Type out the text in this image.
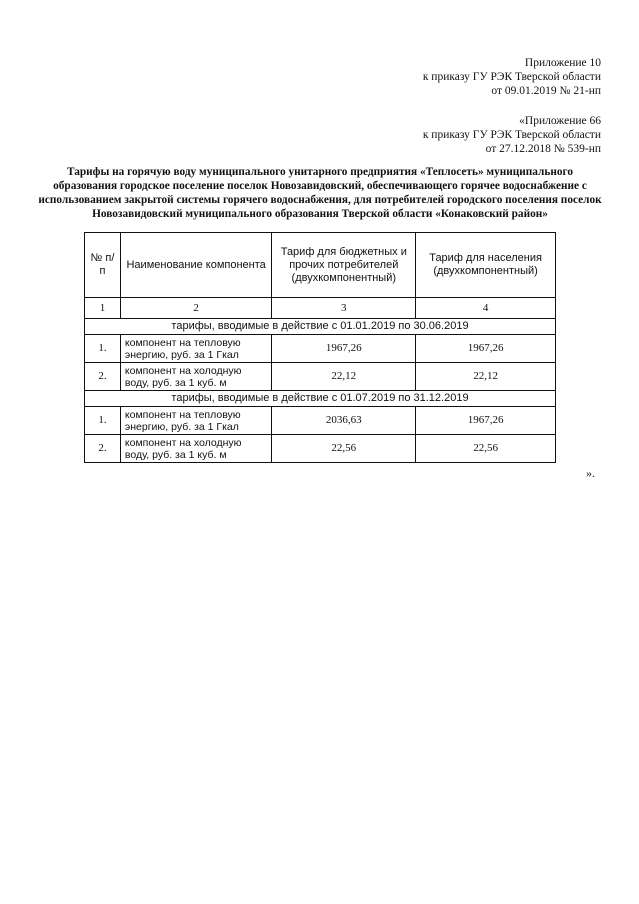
Приложение 10
к приказу ГУ РЭК Тверской области
от 09.01.2019 № 21-нп
«Приложение 66
к приказу ГУ РЭК Тверской области
от 27.12.2018 № 539-нп
Тарифы на горячую воду муниципального унитарного предприятия «Теплосеть» муниципального образования городское поселение поселок Новозавидовский, обеспечивающего горячее водоснабжение с использованием закрытой системы горячего водоснабжения, для потребителей городского поселения поселок Новозавидовский муниципального образования Тверской области «Конаковский район»
№ п/п	Наименование компонента	Тариф для бюджетных и прочих потребителей (двухкомпонентный)	Тариф для населения (двухкомпонентный)
1	2	3	4
тарифы, вводимые в действие с 01.01.2019 по 30.06.2019			
1.	компонент на тепловую энергию, руб. за 1 Гкал	1967,26	1967,26
2.	компонент на холодную воду, руб. за 1 куб. м	22,12	22,12
тарифы, вводимые в действие с 01.07.2019 по 31.12.2019			
1.	компонент на тепловую энергию, руб. за 1 Гкал	2036,63	1967,26
2.	компонент на холодную воду, руб. за 1 куб. м	22,56	22,56
».
